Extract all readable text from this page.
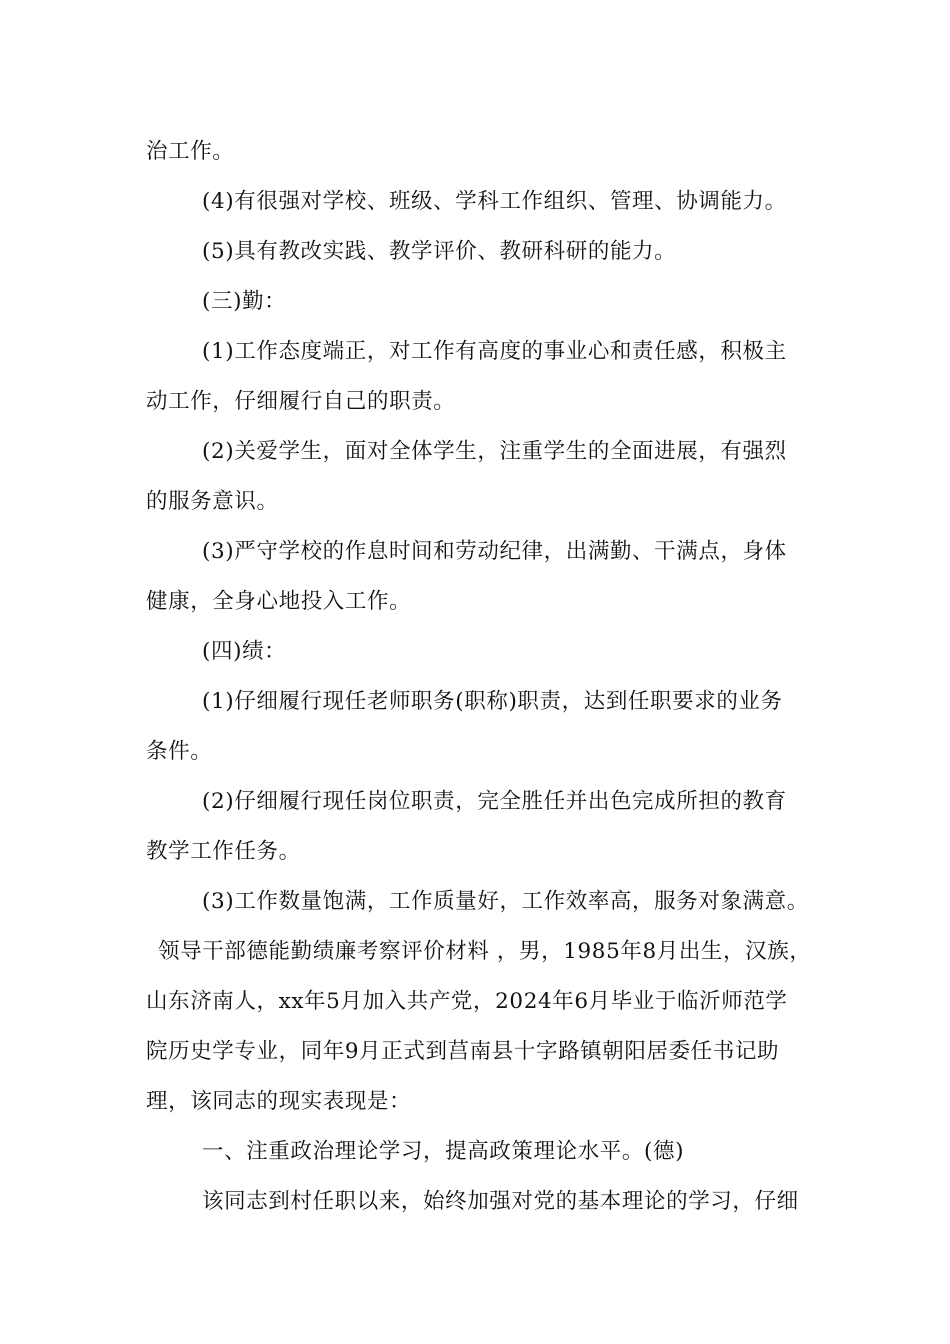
治工作。
(4)有很强对学校、班级、学科工作组织、管理、协调能力。
(5)具有教改实践、教学评价、教研科研的能力。
(三)勤：
(1)工作态度端正，对工作有高度的事业心和责任感，积极主
动工作，仔细履行自己的职责。
(2)关爱学生，面对全体学生，注重学生的全面进展，有强烈
的服务意识。
(3)严守学校的作息时间和劳动纪律，出满勤、干满点，身体
健康，全身心地投入工作。
(四)绩：
(1)仔细履行现任老师职务(职称)职责，达到任职要求的业务
条件。
(2)仔细履行现任岗位职责，完全胜任并出色完成所担的教育
教学工作任务。
(3)工作数量饱满，工作质量好，工作效率高，服务对象满意。
领导干部德能勤绩廉考察评价材料 ，男，1985年8月出生，汉族，
山东济南人，xx年5月加入共产党，2024年6月毕业于临沂师范学
院历史学专业，同年9月正式到莒南县十字路镇朝阳居委任书记助
理，该同志的现实表现是：
一、注重政治理论学习，提高政策理论水平。(德)
该同志到村任职以来，始终加强对党的基本理论的学习，仔细
